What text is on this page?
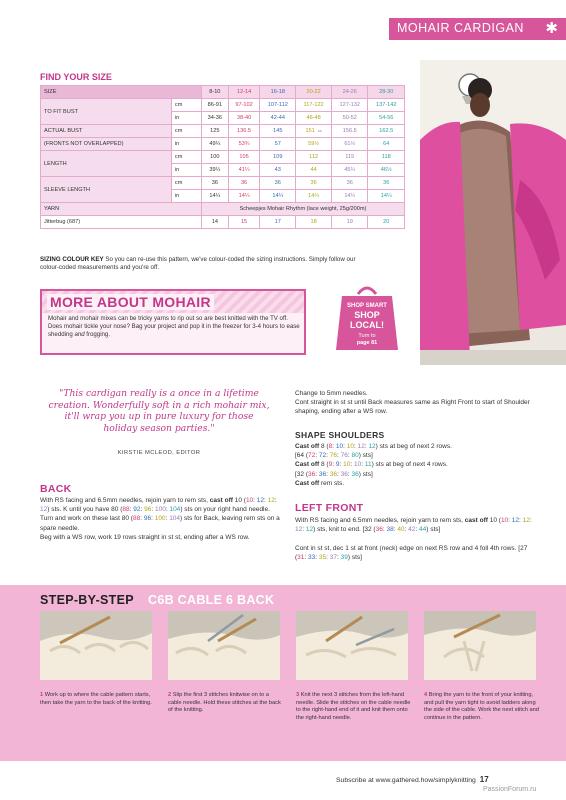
MOHAIR CARDIGAN ✱
FIND YOUR SIZE
SIZE		8-10	12-14	16-18	20-22	24-26	28-30
TO FIT BUST	cm	86-91	97-102	107-112	117-122	127-132	137-142
	in	34-36	38-40	42-44	46-48	50-52	54-56
ACTUAL BUST	cm	125	136.5	145	151 xx	156.5	162.5
(FRONTS NOT OVERLAPPED)	in	49¼	53¾	57	59½	61½	64
LENGTH	cm	100	105	109	112	115	118
	in	39¼	41¼	43	44	45¼	46½
SLEEVE LENGTH	cm	36	36	36	36	36	36
	in	14¼	14¼	14¼	14¼	14¼	14¼
YARN		Scheepjes Mohair Rhythm (lace weight, 25g/200m)					
Jitterbug (687)		14	15	17	18	19	20
SIZING COLOUR KEY So you can re-use this pattern, we've colour-coded the sizing instructions. Simply follow our colour-coded measurements and you're off.
MORE ABOUT MOHAIR
Mohair and mohair mixes can be tricky yarns to rip out so are best knitted with the TV off. Does mohair tickle your nose? Bag your project and pop it in the freezer for 3-4 hours to ease shedding and frogging.
SHOP SMART
SHOP
LOCAL!
Turn to
page 81
"This cardigan really is a once in a lifetime creation. Wonderfully soft in a rich mohair mix, it'll wrap you up in pure luxury for those holiday season parties."
KIRSTIE MCLEOD, EDITOR
BACK
With RS facing and 6.5mm needles, rejoin yarn to rem sts, cast off 10 (10: 12: 12: 12) sts. K until you have 80 (88: 92: 96: 100: 104) sts on your right hand needle.
Turn and work on these last 80 (88: 96: 100: 104) sts for Back, leaving rem sts on a spare needle.
Beg with a WS row, work 19 rows straight in st st, ending after a WS row.
Change to 5mm needles.
Cont straight in st st until Back measures same as Right Front to start of Shoulder shaping, ending after a WS row.
SHAPE SHOULDERS
Cast off 8 (8: 10: 10: 12: 12) sts at beg of next 2 rows.
[64 (72: 72: 76: 76: 80) sts]
Cast off 8 (9: 9: 10: 10: 11) sts at beg of next 4 rows.
[32 (36: 36: 36: 36: 36) sts]
Cast off rem sts.
LEFT FRONT
With RS facing and 6.5mm needles, rejoin yarn to rem sts, cast off 10 (10: 12: 12: 12: 12) sts, knit to end. [32 (36: 38: 40: 42: 44) sts]
Cont in st st, dec 1 st at front (neck) edge on next RS row and 4 foll 4th rows. [27 (31: 33: 35: 37: 39) sts]
STEP-BY-STEP C6B CABLE 6 BACK
1 Work up to where the cable pattern starts, then take the yarn to the back of the knitting.
2 Slip the first 3 stitches knitwise on to a cable needle. Hold these stitches at the back of the knitting.
3 Knit the next 3 stitches from the left-hand needle. Slide the stitches on the cable needle to the right-hand end of it and knit them onto the right-hand needle.
4 Bring the yarn to the front of your knitting, and pull the yarn tight to avoid ladders along the side of the cable. Work the next stitch and continue in the pattern.
Subscribe at www.gathered.how/simplyknitting 17
PassionForum.ru
